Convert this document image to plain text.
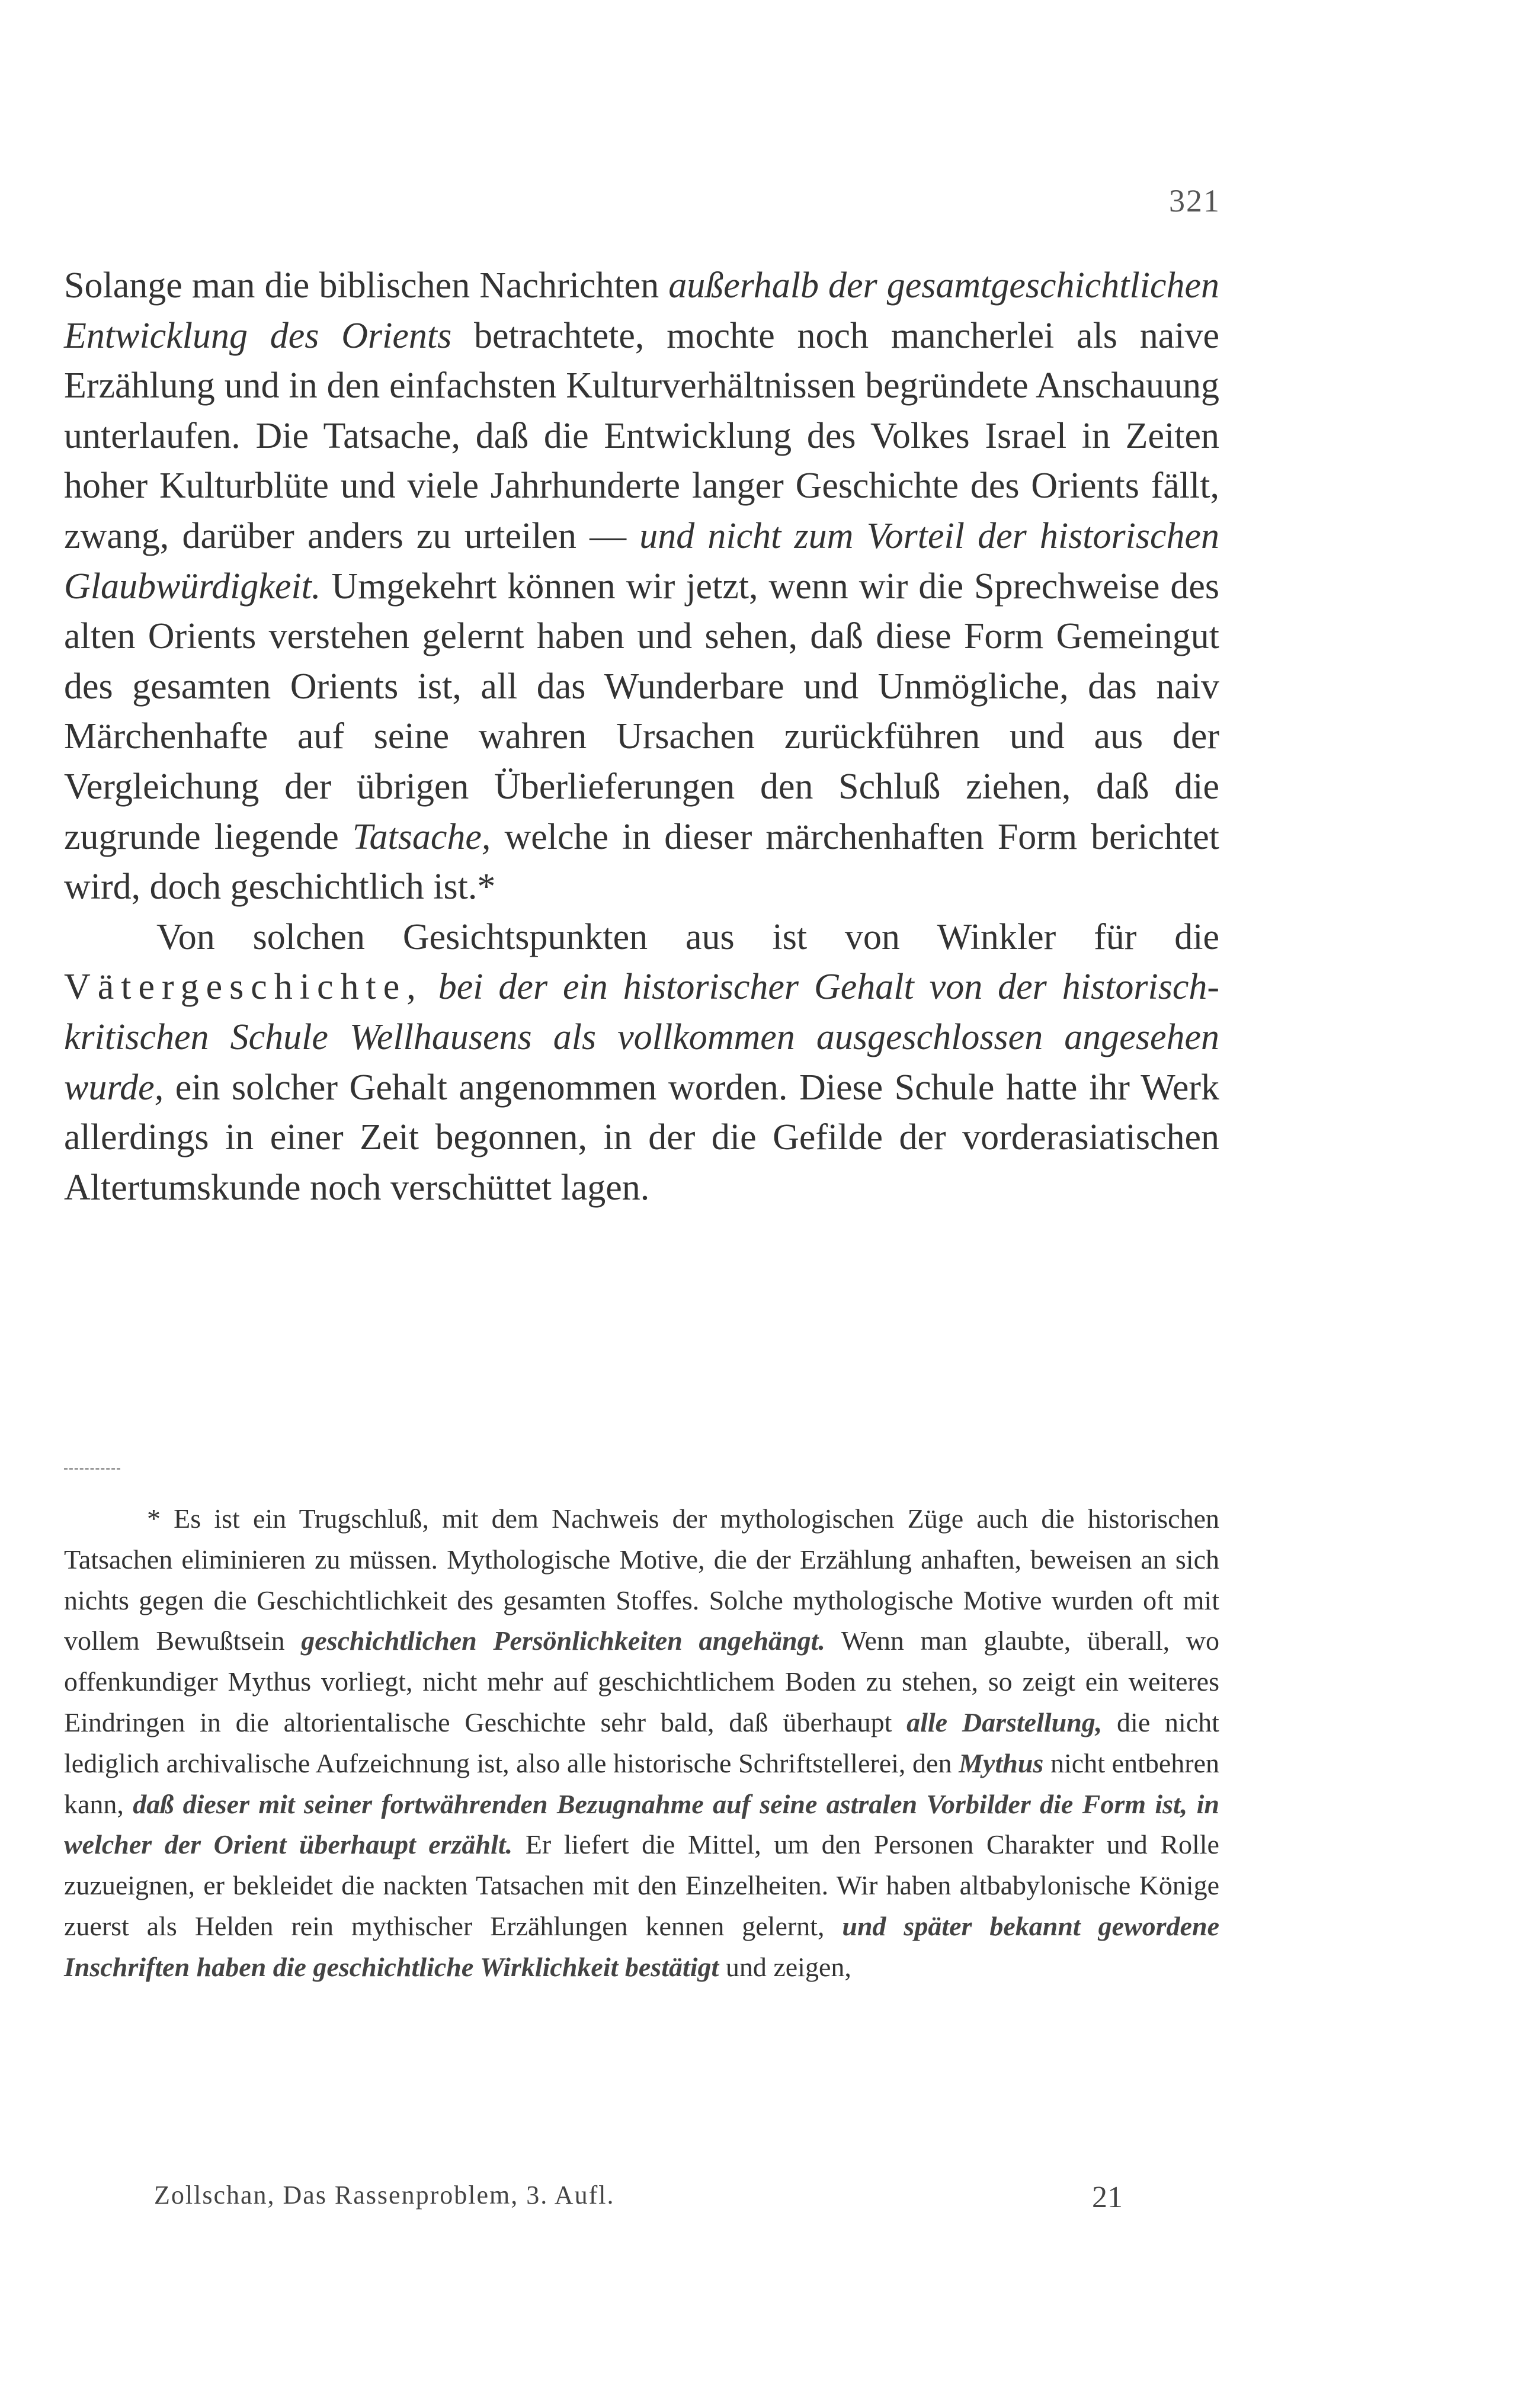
321

Solange man die biblischen Nachrichten außerhalb der gesamtgeschichtlichen Entwicklung des Orients betrachtete, mochte noch mancherlei als naive Erzählung und in den einfachsten Kulturverhältnissen begründete Anschauung unterlaufen. Die Tatsache, daß die Entwicklung des Volkes Israel in Zeiten hoher Kulturblüte und viele Jahrhunderte langer Geschichte des Orients fällt, zwang, darüber anders zu urteilen — und nicht zum Vorteil der historischen Glaubwürdigkeit. Umgekehrt können wir jetzt, wenn wir die Sprechweise des alten Orients verstehen gelernt haben und sehen, daß diese Form Gemeingut des gesamten Orients ist, all das Wunderbare und Unmögliche, das naiv Märchenhafte auf seine wahren Ursachen zurückführen und aus der Vergleichung der übrigen Überlieferungen den Schluß ziehen, daß die zugrunde liegende Tatsache, welche in dieser märchenhaften Form berichtet wird, doch geschichtlich ist.*

Von solchen Gesichtspunkten aus ist von Winkler für die Vätergeschichte, bei der ein historischer Gehalt von der historisch-kritischen Schule Wellhausens als vollkommen ausgeschlossen angesehen wurde, ein solcher Gehalt angenommen worden. Diese Schule hatte ihr Werk allerdings in einer Zeit begonnen, in der die Gefilde der vorderasiatischen Altertumskunde noch verschüttet lagen.

* Es ist ein Trugschluß, mit dem Nachweis der mythologischen Züge auch die historischen Tatsachen eliminieren zu müssen. Mythologische Motive, die der Erzählung anhaften, beweisen an sich nichts gegen die Geschichtlichkeit des gesamten Stoffes. Solche mythologische Motive wurden oft mit vollem Bewußtsein geschichtlichen Persönlichkeiten angehängt. Wenn man glaubte, überall, wo offenkundiger Mythus vorliegt, nicht mehr auf geschichtlichem Boden zu stehen, so zeigt ein weiteres Eindringen in die altorientalische Geschichte sehr bald, daß überhaupt alle Darstellung, die nicht lediglich archivalische Aufzeichnung ist, also alle historische Schriftstellerei, den Mythus nicht entbehren kann, daß dieser mit seiner fortwährenden Bezugnahme auf seine astralen Vorbilder die Form ist, in welcher der Orient überhaupt erzählt. Er liefert die Mittel, um den Personen Charakter und Rolle zuzueignen, er bekleidet die nackten Tatsachen mit den Einzelheiten. Wir haben altbabylonische Könige zuerst als Helden rein mythischer Erzählungen kennen gelernt, und später bekannt gewordene Inschriften haben die geschichtliche Wirklichkeit bestätigt und zeigen,

Zollschan, Das Rassenproblem, 3. Aufl.	21
